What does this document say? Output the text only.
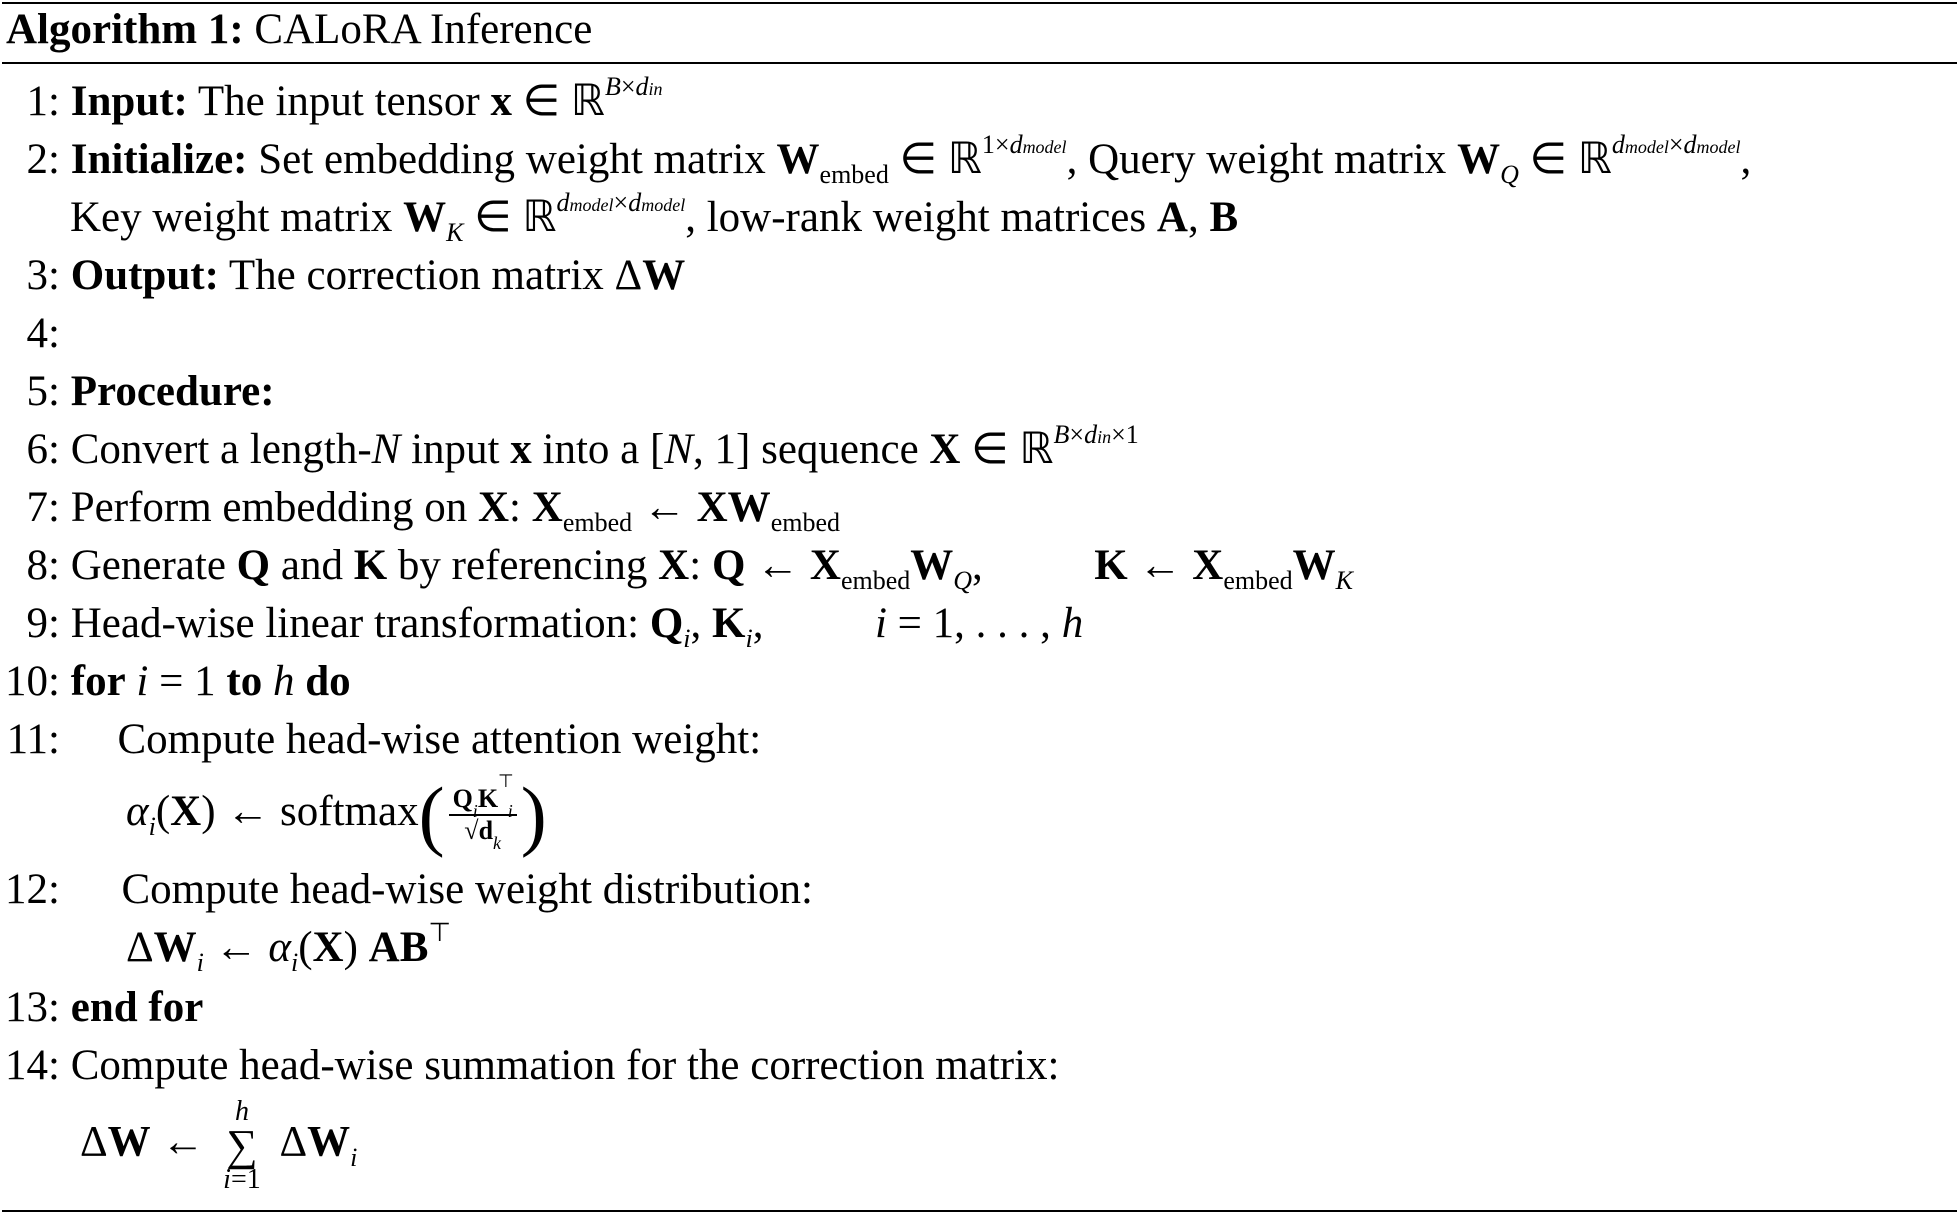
Algorithm 1: CALoRA Inference
1: Input: The input tensor x ∈ ℝ$^{B\times din}$
2: Initialize: Set embedding weight matrix $W_{embed}$ ∈ ℝ$^{1\times dmodel}$, Query weight matrix $W_Q$ ∈ ℝ$^{dmodel\times dmodel}$,
Key weight matrix $W_K$ ∈ ℝ$^{dmodel\times dmodel}$, low-rank weight matrices A, B
3: Output: The correction matrix ΔW
4:
5: Procedure:
6: Convert a length-N input x into a [N, 1] sequence X ∈ ℝ$^{B\times din\times 1}$
7: Perform embedding on X: $X_{embed}$ ← $XW_{embed}$
8: Generate Q and K by referencing X: Q ← $X_{embed}W_Q$,  K ← $X_{embed}W_K$
9: Head-wise linear transformation: $Q_i$, $K_i$,  i = 1, . . . , h
10: for i = 1 to h do
11: Compute head-wise attention weight:
$\alpha_i(X)$ ← softmax( $\frac{Q_iK^⊤_i}{√d_k}$ )
12: Compute head-wise weight distribution:
$\Delta W_i$ ← $\alpha_i(X)$ AB⊤
13: end for
14: Compute head-wise summation for the correction matrix:
ΔW ←
h
∑
i=1
$\Delta W_i$
